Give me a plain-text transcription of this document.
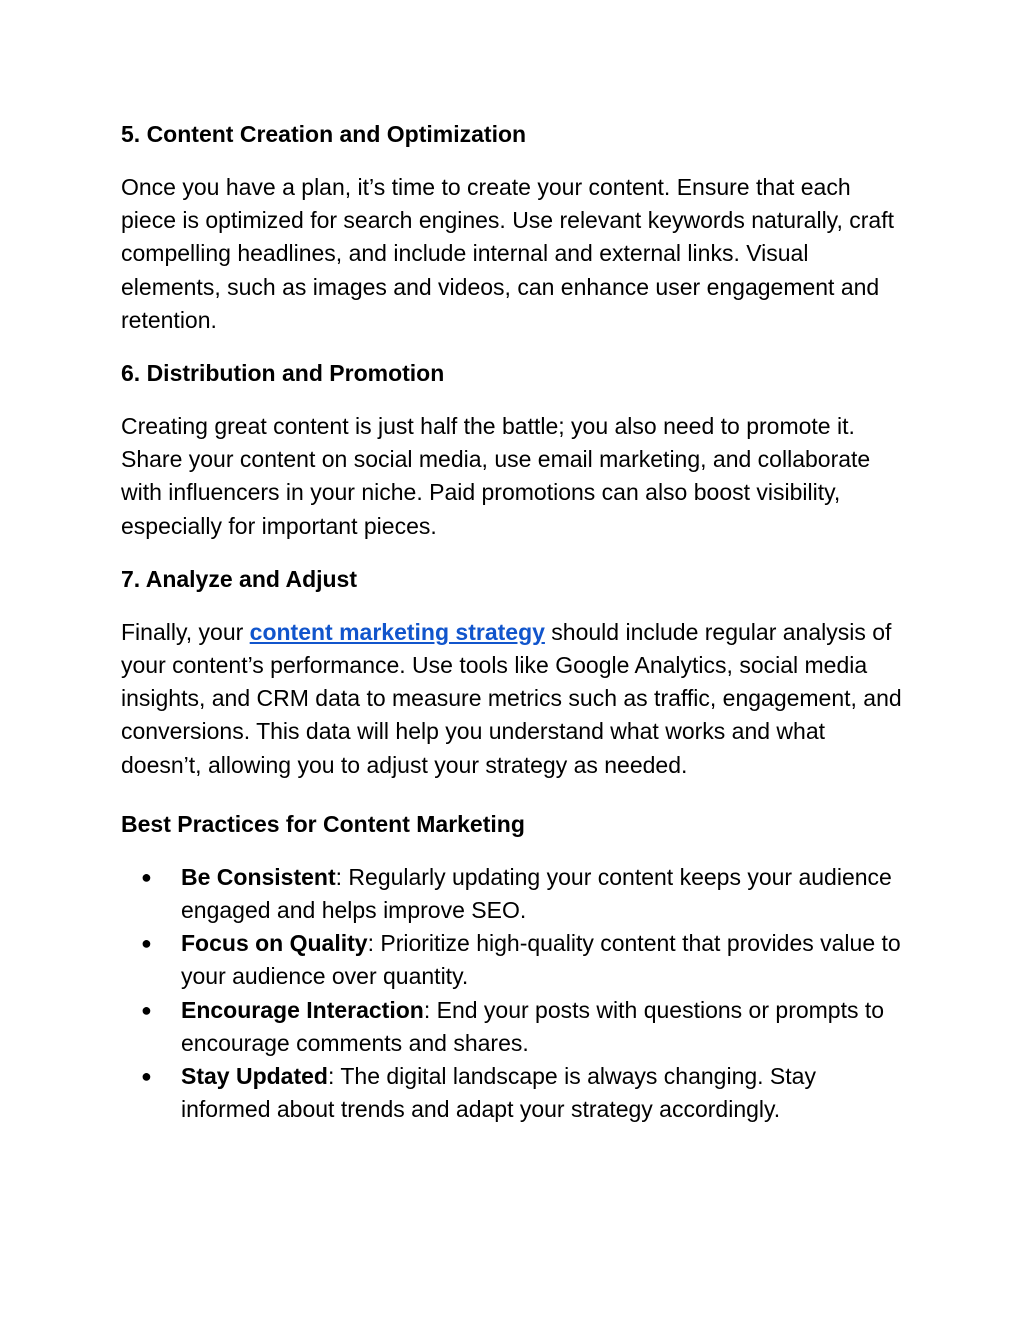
5. Content Creation and Optimization

Once you have a plan, it’s time to create your content. Ensure that each piece is optimized for search engines. Use relevant keywords naturally, craft compelling headlines, and include internal and external links. Visual elements, such as images and videos, can enhance user engagement and retention.

6. Distribution and Promotion

Creating great content is just half the battle; you also need to promote it. Share your content on social media, use email marketing, and collaborate with influencers in your niche. Paid promotions can also boost visibility, especially for important pieces.

7. Analyze and Adjust

Finally, your content marketing strategy should include regular analysis of your content’s performance. Use tools like Google Analytics, social media insights, and CRM data to measure metrics such as traffic, engagement, and conversions. This data will help you understand what works and what doesn’t, allowing you to adjust your strategy as needed.

Best Practices for Content Marketing
● Be Consistent: Regularly updating your content keeps your audience engaged and helps improve SEO.
● Focus on Quality: Prioritize high-quality content that provides value to your audience over quantity.
● Encourage Interaction: End your posts with questions or prompts to encourage comments and shares.
● Stay Updated: The digital landscape is always changing. Stay informed about trends and adapt your strategy accordingly.
